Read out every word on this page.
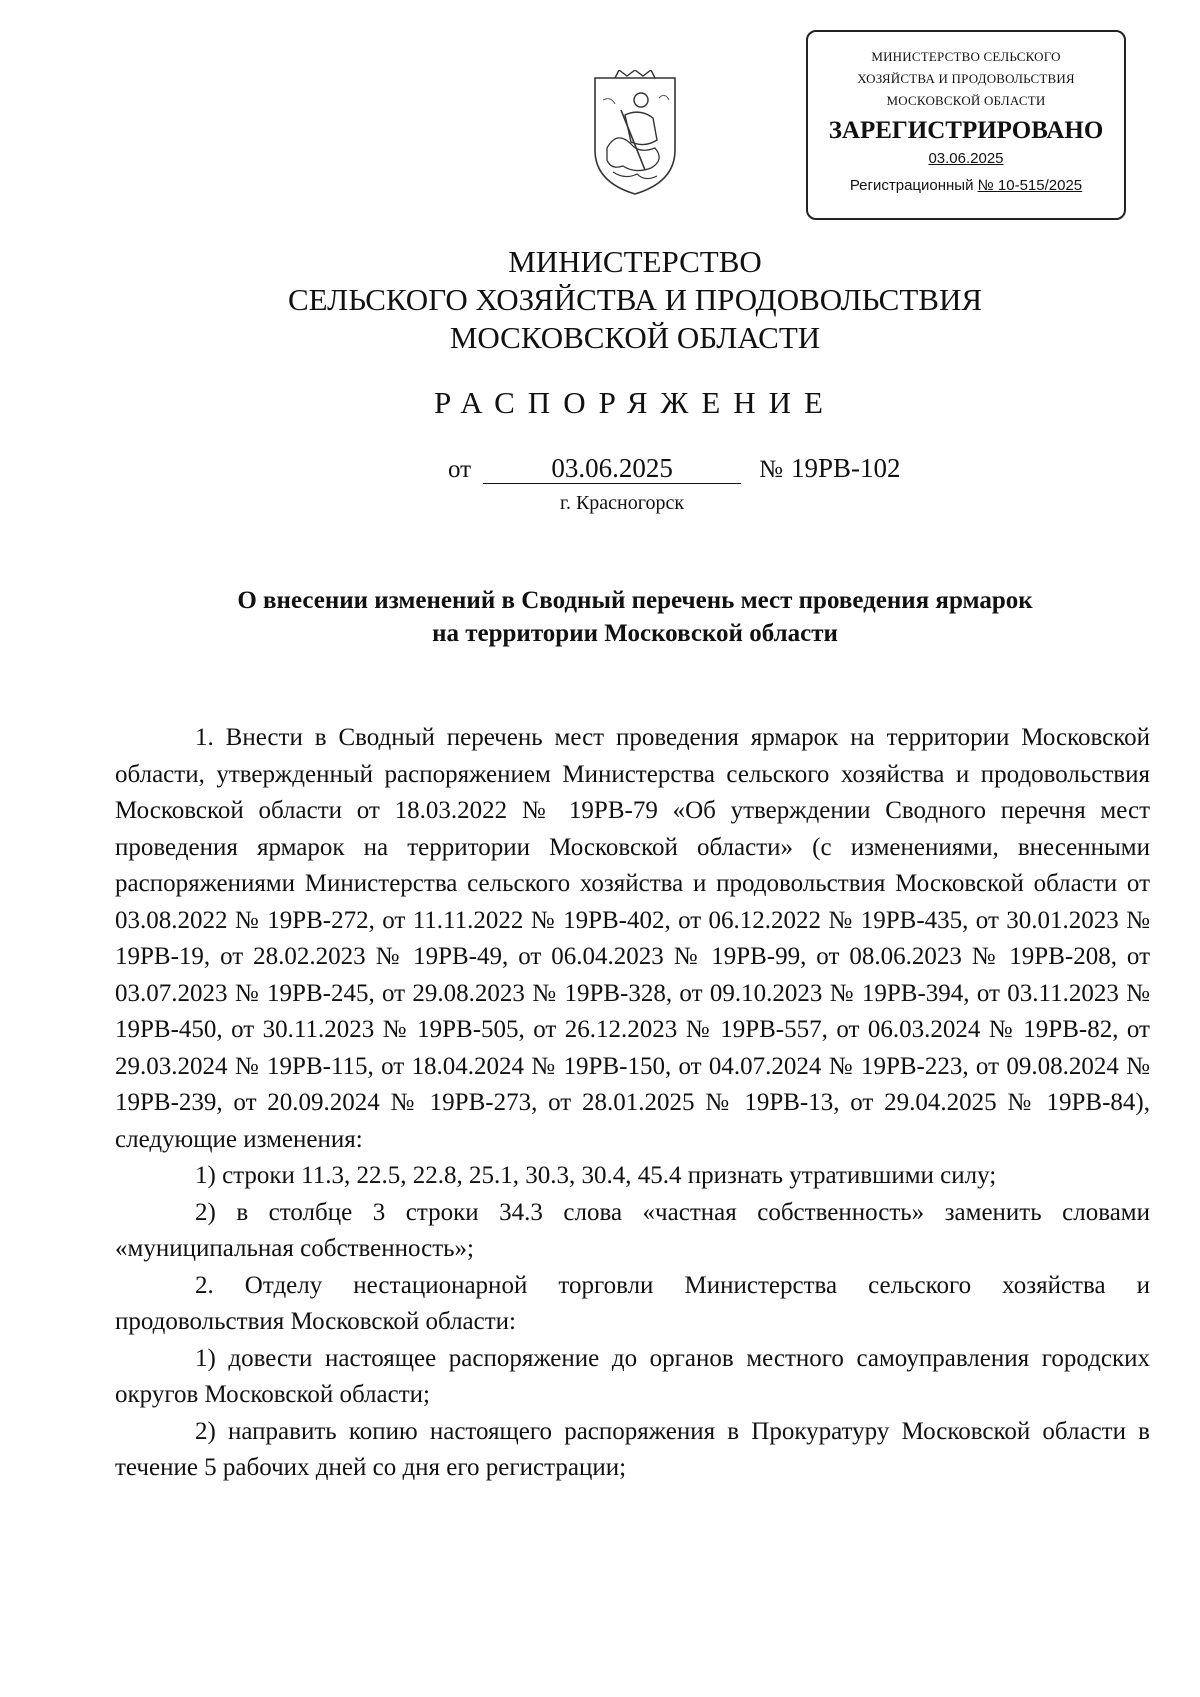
МИНИСТЕРСТВО СЕЛЬСКОГО
ХОЗЯЙСТВА И ПРОДОВОЛЬСТВИЯ
МОСКОВСКОЙ ОБЛАСТИ
ЗАРЕГИСТРИРОВАНО
03.06.2025
Регистрационный № 10-515/2025
МИНИСТЕРСТВО
СЕЛЬСКОГО ХОЗЯЙСТВА И ПРОДОВОЛЬСТВИЯ
МОСКОВСКОЙ ОБЛАСТИ
РАСПОРЯЖЕНИЕ
от	03.06.2025	№ 19РВ-102
г. Красногорск
О внесении изменений в Сводный перечень мест проведения ярмарок
на территории Московской области

1. Внести в Сводный перечень мест проведения ярмарок на территории Московской области, утвержденный распоряжением Министерства сельского хозяйства и продовольствия Московской области от 18.03.2022 № 19РВ-79 «Об утверждении Сводного перечня мест проведения ярмарок на территории Московской области» (с изменениями, внесенными распоряжениями Министерства сельского хозяйства и продовольствия Московской области от 03.08.2022 № 19РВ-272, от 11.11.2022 № 19РВ-402, от 06.12.2022 № 19РВ-435, от 30.01.2023 № 19РВ-19, от 28.02.2023 № 19РВ-49, от 06.04.2023 № 19РВ-99, от 08.06.2023 № 19РВ-208, от 03.07.2023 № 19РВ-245, от 29.08.2023 № 19РВ-328, от 09.10.2023 № 19РВ-394, от 03.11.2023 № 19РВ-450, от 30.11.2023 № 19РВ-505, от 26.12.2023 № 19РВ-557, от 06.03.2024 № 19РВ-82, от 29.03.2024 № 19РВ-115, от 18.04.2024 № 19РВ-150, от 04.07.2024 № 19РВ-223, от 09.08.2024 № 19РВ-239, от 20.09.2024 № 19РВ-273, от 28.01.2025 № 19РВ-13, от 29.04.2025 № 19РВ-84), следующие изменения:

1) строки 11.3, 22.5, 22.8, 25.1, 30.3, 30.4, 45.4 признать утратившими силу;

2) в столбце 3 строки 34.3 слова «частная собственность» заменить словами «муниципальная собственность»;

2. Отделу нестационарной торговли Министерства сельского хозяйства и продовольствия Московской области:

1) довести настоящее распоряжение до органов местного самоуправления городских округов Московской области;

2) направить копию настоящего распоряжения в Прокуратуру Московской области в течение 5 рабочих дней со дня его регистрации;
